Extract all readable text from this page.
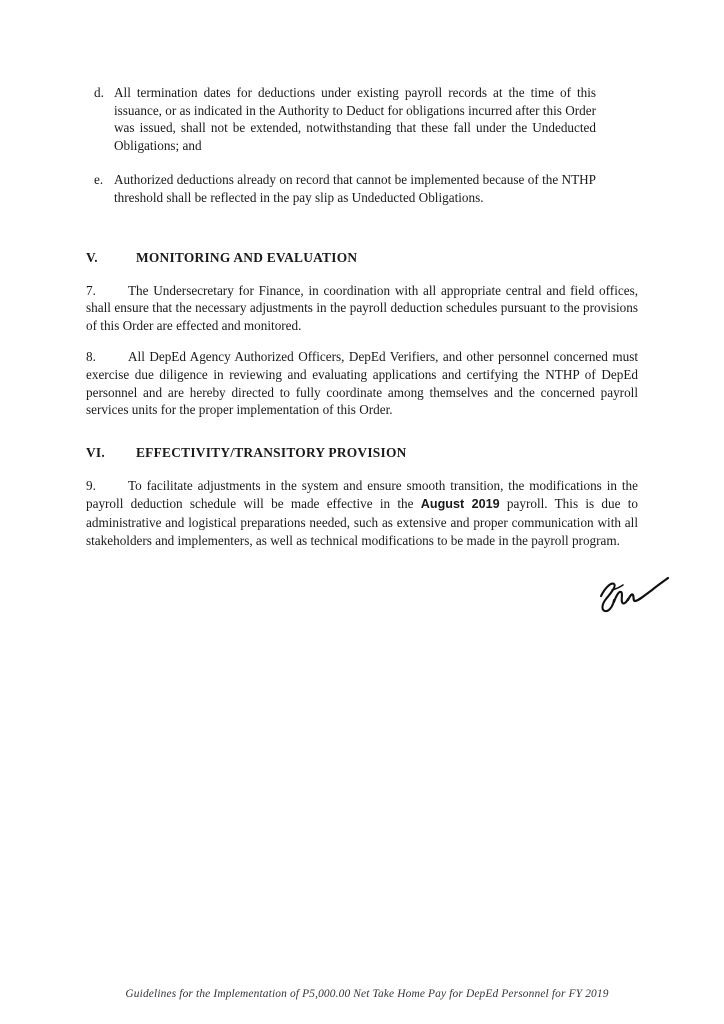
d. All termination dates for deductions under existing payroll records at the time of this issuance, or as indicated in the Authority to Deduct for obligations incurred after this Order was issued, shall not be extended, notwithstanding that these fall under the Undeducted Obligations; and
e. Authorized deductions already on record that cannot be implemented because of the NTHP threshold shall be reflected in the pay slip as Undeducted Obligations.
V.	MONITORING AND EVALUATION

7. The Undersecretary for Finance, in coordination with all appropriate central and field offices, shall ensure that the necessary adjustments in the payroll deduction schedules pursuant to the provisions of this Order are effected and monitored.

8. All DepEd Agency Authorized Officers, DepEd Verifiers, and other personnel concerned must exercise due diligence in reviewing and evaluating applications and certifying the NTHP of DepEd personnel and are hereby directed to fully coordinate among themselves and the concerned payroll services units for the proper implementation of this Order.

VI.	EFFECTIVITY/TRANSITORY PROVISION

9. To facilitate adjustments in the system and ensure smooth transition, the modifications in the payroll deduction schedule will be made effective in the August 2019 payroll. This is due to administrative and logistical preparations needed, such as extensive and proper communication with all stakeholders and implementers, as well as technical modifications to be made in the payroll program.

Guidelines for the Implementation of P5,000.00 Net Take Home Pay for DepEd Personnel for FY 2019
